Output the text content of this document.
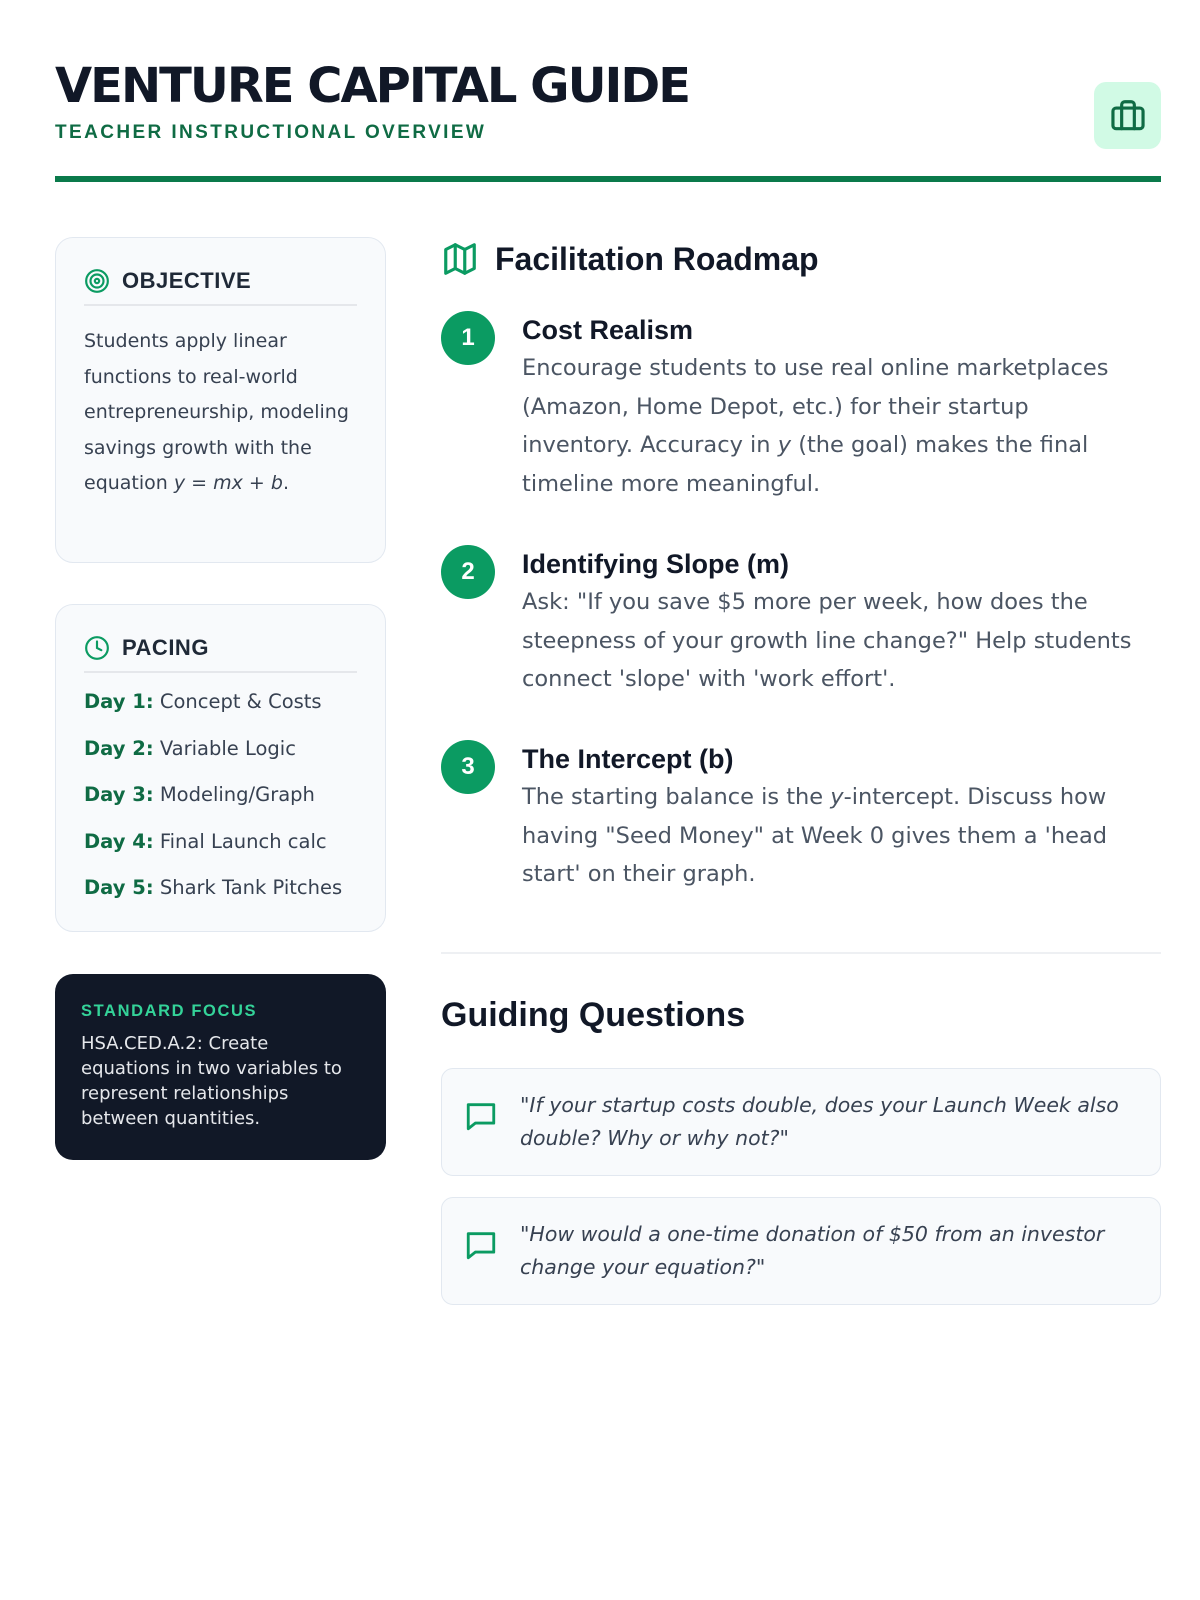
VENTURE CAPITAL GUIDE
TEACHER INSTRUCTIONAL OVERVIEW
OBJECTIVE

Students apply linear functions to real-world entrepreneurship, modeling savings growth with the equation y = mx + b.

PACING
Day 1: Concept & Costs
Day 2: Variable Logic
Day 3: Modeling/Graph
Day 4: Final Launch calc
Day 5: Shark Tank Pitches
STANDARD FOCUS
HSA.CED.A.2: Create equations in two variables to represent relationships between quantities.
Facilitation Roadmap
1	Cost Realism

Encourage students to use real online marketplaces (Amazon, Home Depot, etc.) for their startup inventory. Accuracy in y (the goal) makes the final timeline more meaningful.

2	Identifying Slope (m)

Ask: "If you save $5 more per week, how does the steepness of your growth line change?" Help students connect 'slope' with 'work effort'.

3	The Intercept (b)

The starting balance is the y-intercept. Discuss how having "Seed Money" at Week 0 gives them a 'head start' on their graph.

Guiding Questions

"If your startup costs double, does your Launch Week also double? Why or why not?"

"How would a one-time donation of $50 from an investor change your equation?"
